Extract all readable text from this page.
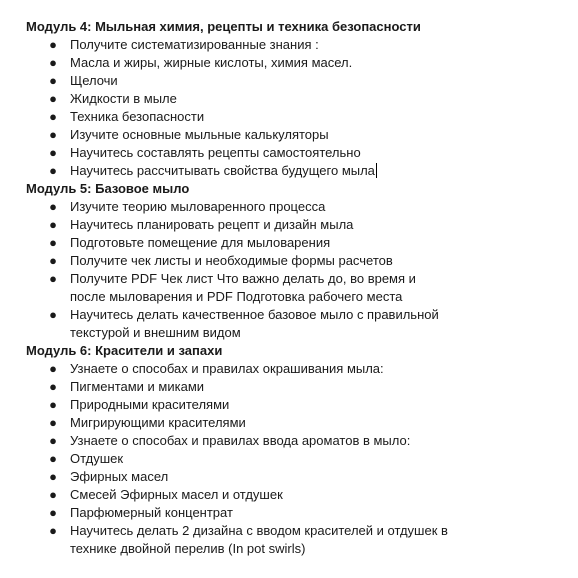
Модуль 4: Мыльная химия, рецепты и техника безопасности
● Получите систематизированные знания :
● Масла и жиры, жирные кислоты, химия масел.
● Щелочи
● Жидкости в мыле
● Техника безопасности
● Изучите основные мыльные калькуляторы
● Научитесь составлять рецепты самостоятельно
● Научитесь рассчитывать свойства будущего мыла
Модуль 5: Базовое мыло
● Изучите теорию мыловаренного процесса
● Научитесь планировать рецепт и дизайн мыла
● Подготовьте помещение для мыловарения
● Получите чек листы и необходимые формы расчетов
● Получите PDF Чек лист Что важно делать до, во время и после мыловарения и PDF Подготовка рабочего места
● Научитесь делать качественное базовое мыло с правильной текстурой и внешним видом
Модуль 6: Красители и запахи
● Узнаете о способах и правилах окрашивания мыла:
● Пигментами и миками
● Природными красителями
● Мигрирующими красителями
● Узнаете о способах и правилах ввода ароматов в мыло:
● Отдушек
● Эфирных масел
● Смесей Эфирных масел и отдушек
● Парфюмерный концентрат
● Научитесь делать 2 дизайна с вводом красителей и отдушек в технике двойной перелив (In pot swirls)
